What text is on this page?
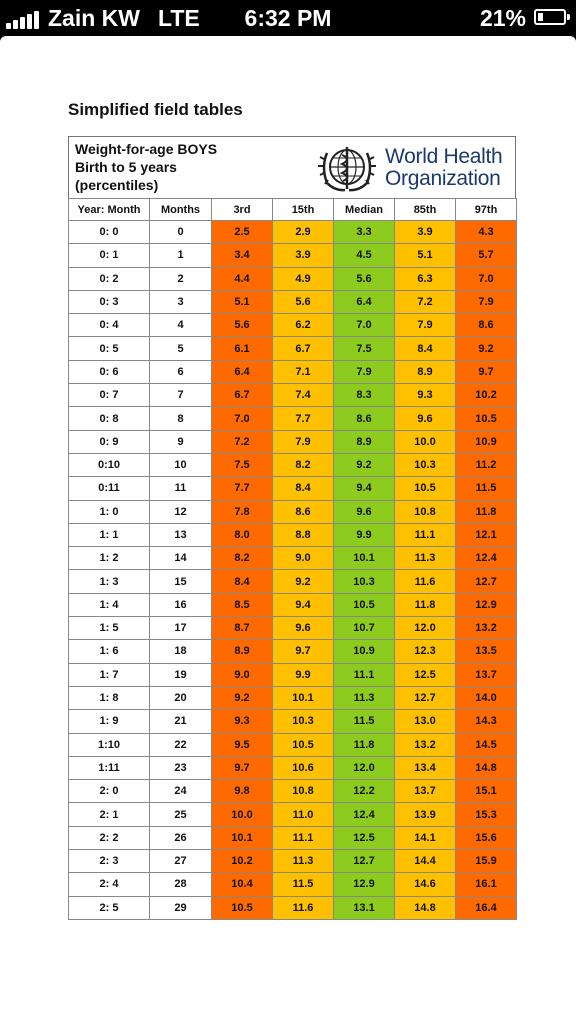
Zain KW LTE	6:32 PM	21%
Simplified field tables
Weight-for-age BOYS
Birth to 5 years
(percentiles)
World Health
Organization
Year: Month	Months	3rd	15th	Median	85th	97th
0: 0	0	2.5	2.9	3.3	3.9	4.3
0: 1	1	3.4	3.9	4.5	5.1	5.7
0: 2	2	4.4	4.9	5.6	6.3	7.0
0: 3	3	5.1	5.6	6.4	7.2	7.9
0: 4	4	5.6	6.2	7.0	7.9	8.6
0: 5	5	6.1	6.7	7.5	8.4	9.2
0: 6	6	6.4	7.1	7.9	8.9	9.7
0: 7	7	6.7	7.4	8.3	9.3	10.2
0: 8	8	7.0	7.7	8.6	9.6	10.5
0: 9	9	7.2	7.9	8.9	10.0	10.9
0:10	10	7.5	8.2	9.2	10.3	11.2
0:11	11	7.7	8.4	9.4	10.5	11.5
1: 0	12	7.8	8.6	9.6	10.8	11.8
1: 1	13	8.0	8.8	9.9	11.1	12.1
1: 2	14	8.2	9.0	10.1	11.3	12.4
1: 3	15	8.4	9.2	10.3	11.6	12.7
1: 4	16	8.5	9.4	10.5	11.8	12.9
1: 5	17	8.7	9.6	10.7	12.0	13.2
1: 6	18	8.9	9.7	10.9	12.3	13.5
1: 7	19	9.0	9.9	11.1	12.5	13.7
1: 8	20	9.2	10.1	11.3	12.7	14.0
1: 9	21	9.3	10.3	11.5	13.0	14.3
1:10	22	9.5	10.5	11.8	13.2	14.5
1:11	23	9.7	10.6	12.0	13.4	14.8
2: 0	24	9.8	10.8	12.2	13.7	15.1
2: 1	25	10.0	11.0	12.4	13.9	15.3
2: 2	26	10.1	11.1	12.5	14.1	15.6
2: 3	27	10.2	11.3	12.7	14.4	15.9
2: 4	28	10.4	11.5	12.9	14.6	16.1
2: 5	29	10.5	11.6	13.1	14.8	16.4
